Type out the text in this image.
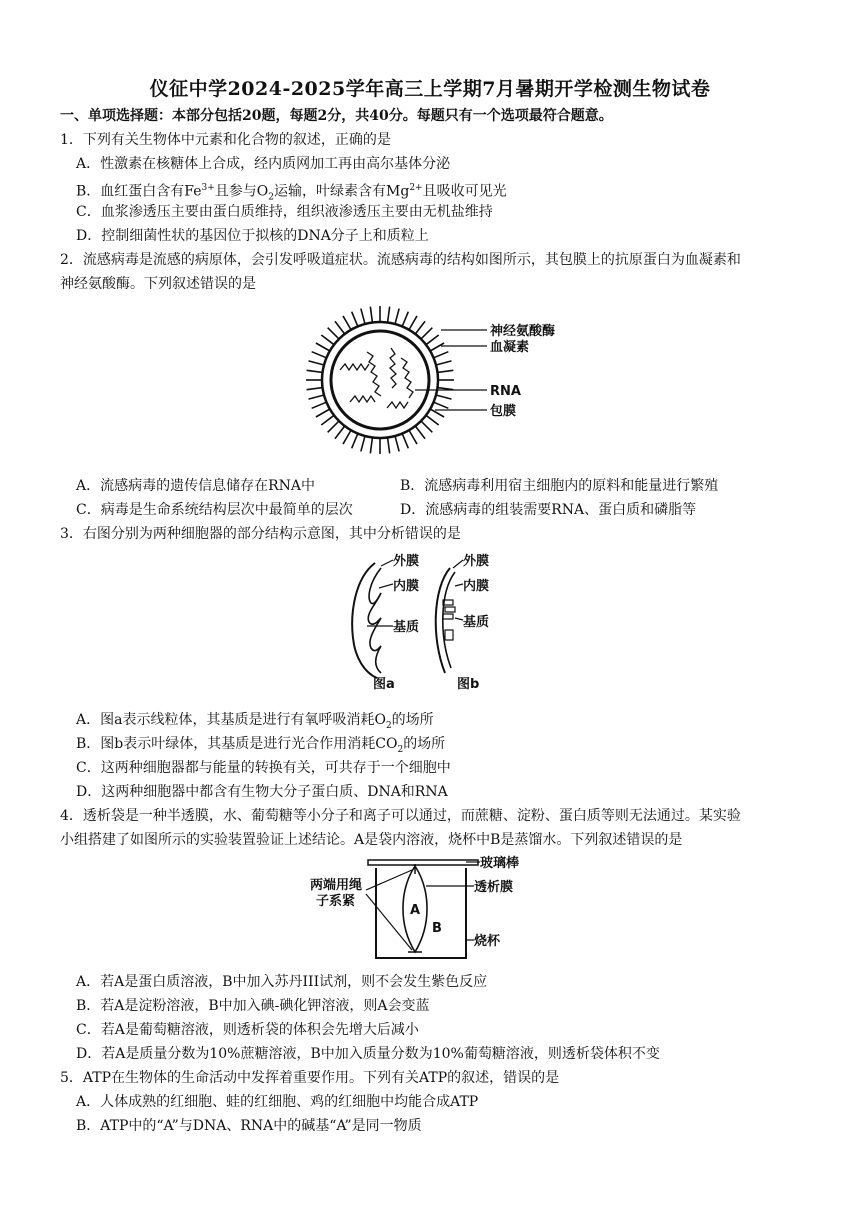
仪征中学2024-2025学年高三上学期7月暑期开学检测生物试卷
一、单项选择题：本部分包括20题，每题2分，共40分。每题只有一个选项最符合题意。
1．下列有关生物体中元素和化合物的叙述，正确的是
A．性激素在核糖体上合成，经内质网加工再由高尔基体分泌
B．血红蛋白含有$Fe^{3+}$且参与$O_2$运输，叶绿素含有$Mg^{2+}$且吸收可见光
C．血浆渗透压主要由蛋白质维持，组织液渗透压主要由无机盐维持
D．控制细菌性状的基因位于拟核的DNA分子上和质粒上
2．流感病毒是流感的病原体，会引发呼吸道症状。流感病毒的结构如图所示，其包膜上的抗原蛋白为血凝素和
神经氨酸酶。下列叙述错误的是
神经氨酸酶
血凝素
RNA
包膜
A．流感病毒的遗传信息储存在RNA中	B．流感病毒利用宿主细胞内的原料和能量进行繁殖
C．病毒是生命系统结构层次中最简单的层次	D．流感病毒的组装需要RNA、蛋白质和磷脂等
3．右图分别为两种细胞器的部分结构示意图，其中分析错误的是
外膜
内膜
基质
外膜
内膜
基质
图a	图b
A．图a表示线粒体，其基质是进行有氧呼吸消耗$O_2$的场所
B．图b表示叶绿体，其基质是进行光合作用消耗$CO_2$的场所
C．这两种细胞器都与能量的转换有关，可共存于一个细胞中
D．这两种细胞器中都含有生物大分子蛋白质、DNA和RNA
4．透析袋是一种半透膜，水、葡萄糖等小分子和离子可以通过，而蔗糖、淀粉、蛋白质等则无法通过。某实验
小组搭建了如图所示的实验装置验证上述结论。A是袋内溶液，烧杯中B是蒸馏水。下列叙述错误的是
玻璃棒
透析膜
烧杯
两端用绳
子系紧
A
B
A．若A是蛋白质溶液，B中加入苏丹III试剂，则不会发生紫色反应
B．若A是淀粉溶液，B中加入碘-碘化钾溶液，则A会变蓝
C．若A是葡萄糖溶液，则透析袋的体积会先增大后减小
D．若A是质量分数为10%蔗糖溶液，B中加入质量分数为10%葡萄糖溶液，则透析袋体积不变
5．ATP在生物体的生命活动中发挥着重要作用。下列有关ATP的叙述，错误的是
A．人体成熟的红细胞、蛙的红细胞、鸡的红细胞中均能合成ATP
B．ATP中的“A”与DNA、RNA中的碱基“A”是同一物质
